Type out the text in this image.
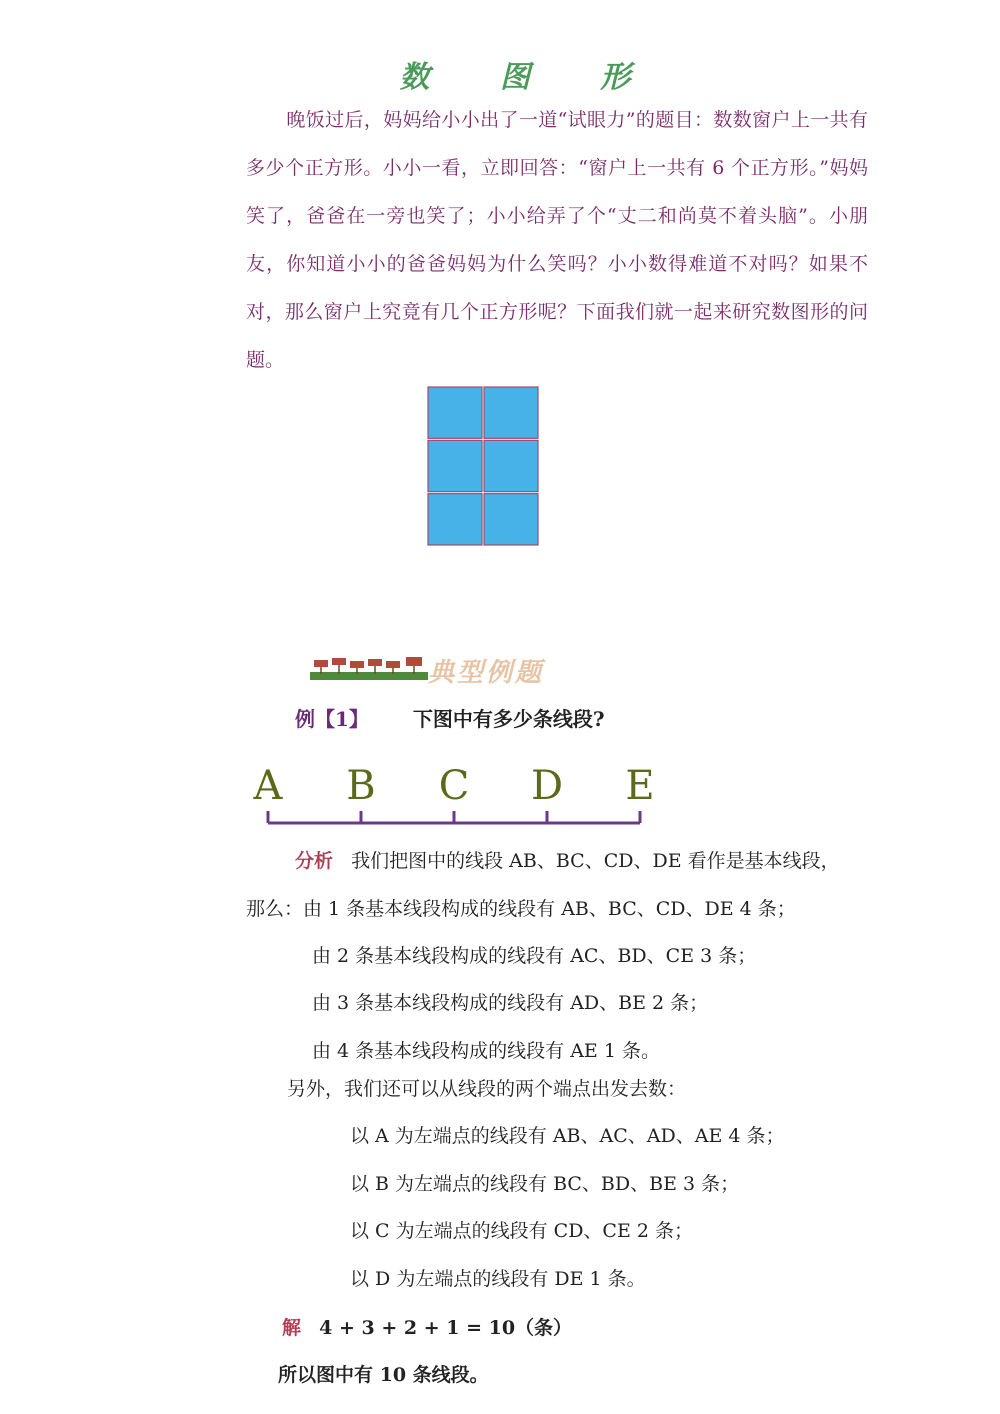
数 图 形

晚饭过后，妈妈给小小出了一道“试眼力”的题目：数数窗户上一共有多少个正方形。小小一看，立即回答：“窗户上一共有 6 个正方形。”妈妈笑了，爸爸在一旁也笑了；小小给弄了个“丈二和尚莫不着头脑”。小朋友，你知道小小的爸爸妈妈为什么笑吗？小小数得难道不对吗？如果不对，那么窗户上究竟有几个正方形呢？下面我们就一起来研究数图形的问题。

典型例题
例【1】 下图中有多少条线段?
A B C D E
分析 我们把图中的线段 AB、BC、CD、DE 看作是基本线段，
那么：由 1 条基本线段构成的线段有 AB、BC、CD、DE 4 条；
由 2 条基本线段构成的线段有 AC、BD、CE 3 条；
由 3 条基本线段构成的线段有 AD、BE 2 条；
由 4 条基本线段构成的线段有 AE 1 条。
另外，我们还可以从线段的两个端点出发去数：
以 A 为左端点的线段有 AB、AC、AD、AE 4 条；
以 B 为左端点的线段有 BC、BD、BE 3 条；
以 C 为左端点的线段有 CD、CE 2 条；
以 D 为左端点的线段有 DE 1 条。
解 4 + 3 + 2 + 1 = 10（条）
所以图中有 10 条线段。
